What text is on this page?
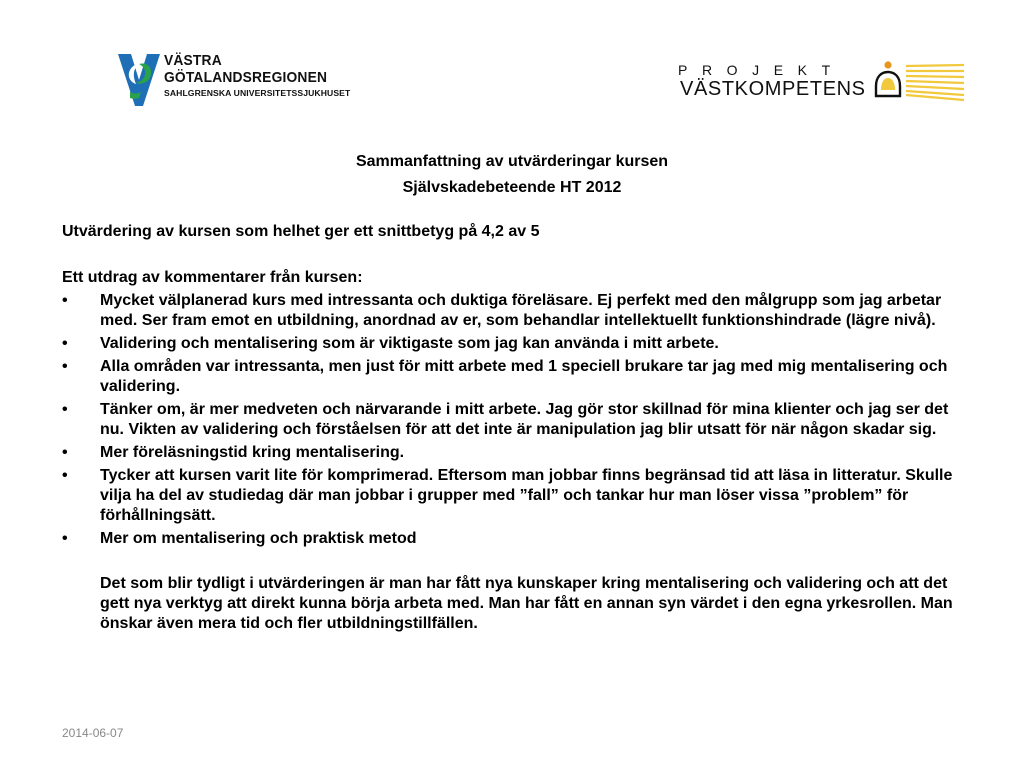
VÄSTRA
GÖTALANDSREGIONEN
SAHLGRENSKA UNIVERSITETSSJUKHUSET
PROJEKT
VÄSTKOMPETENS

Sammanfattning av utvärderingar kursen

Självskadebeteende HT 2012

Utvärdering av kursen som helhet ger ett snittbetyg på 4,2 av 5

Ett utdrag av kommentarer från kursen:

• Mycket välplanerad kurs med intressanta och duktiga föreläsare. Ej perfekt med den målgrupp som jag arbetar med. Ser fram emot en utbildning, anordnad av er, som behandlar intellektuellt funktionshindrade (lägre nivå).
• Validering och mentalisering som är viktigaste som jag kan använda i mitt arbete.
• Alla områden var intressanta, men just för mitt arbete med 1 speciell brukare tar jag med mig mentalisering och validering.
• Tänker om, är mer medveten och närvarande i mitt arbete. Jag gör stor skillnad för mina klienter och jag ser det nu. Vikten av validering och förståelsen för att det inte är manipulation jag blir utsatt för när någon skadar sig.
• Mer föreläsningstid kring mentalisering.
• Tycker att kursen varit lite för komprimerad. Eftersom man jobbar finns begränsad tid att läsa in litteratur. Skulle vilja ha del av studiedag där man jobbar i grupper med ”fall” och tankar hur man löser vissa ”problem” för förhållningsätt.
• Mer om mentalisering och praktisk metod

Det som blir tydligt i utvärderingen är man har fått nya kunskaper kring mentalisering och validering och att det gett nya verktyg att direkt kunna börja arbeta med. Man har fått en annan syn värdet i den egna yrkesrollen. Man önskar även mera tid och fler utbildningstillfällen.

2014-06-07
